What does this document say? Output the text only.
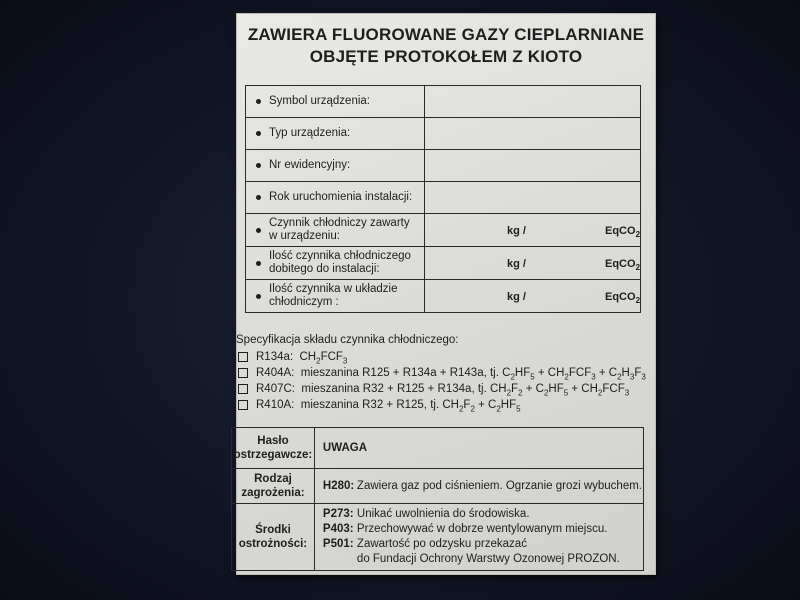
ZAWIERA FLUOROWANE GAZY CIEPLARNIANE
OBJĘTE PROTOKOŁEM Z KIOTO
Symbol urządzenia:	
Typ urządzenia:	
Nr ewidencyjny:	
Rok uruchomienia instalacji:	
Czynnik chłodniczy zawarty
w urządzeniu:	kg / EqCO$_2$

Ilość czynnika chłodniczego
dobitego do instalacji:	kg / EqCO$_2$

Ilość czynnika w układzie
chłodniczym :	kg / EqCO$_2$
Specyfikacja składu czynnika chłodniczego:
R134a: $CH_2FCF_3$
R404A: mieszanina R125 + R134a + R143a, tj. $C_2HF_5 + CH_2FCF_3 + C_2H_3F_3$
R407C: mieszanina R32 + R125 + R134a, tj. $CH_2F_2 + C_2HF_5 + CH_2FCF_3$
R410A: mieszanina R32 + R125, tj. $CH_2F_2 + C_2HF_5$
Hasło ostrzegawcze:	UWAGA
Rodzaj zagrożenia:	H280: Zawiera gaz pod ciśnieniem. Ogrzanie grozi wybuchem.
Środki ostrożności:	P273: Unikać uwolnienia do środowiska.
P403: Przechowywać w dobrze wentylowanym miejscu.
P501: Zawartość po odzysku przekazać
do Fundacji Ochrony Warstwy Ozonowej PROZON.
